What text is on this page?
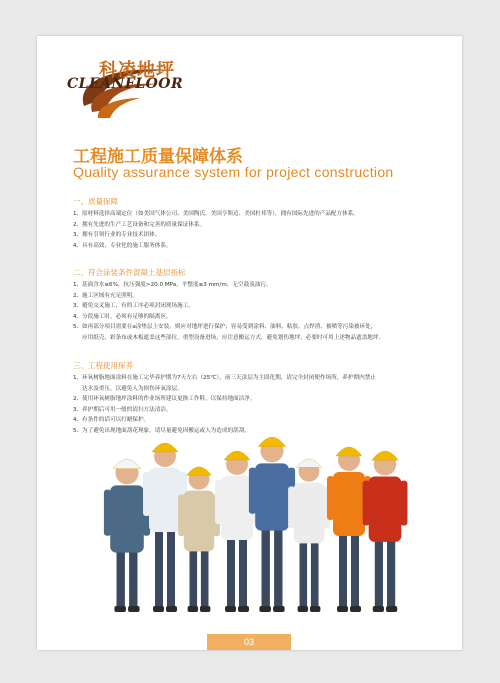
科凌地坪
CLEANFLOOR
工程施工质量保障体系
Quality assurance system for project construction
一、质量保障
1、 原材料选择高端定位（如美国气体公司、美国陶氏、美国亨斯迈、美国杜邦等），拥有国际先进的产品配方体系。
2、 拥有先进的生产工艺设备和完善的质量保证体系。
3、 拥有引领行业的专业技术团体。
4、 具有高效、专业化的施工服务体系。
二、符合涂装条件混凝土基层指标
1、 基面含水≤6%，抗压强度>20.0 MPa，平整度≤3 mm/m，无空鼓及油污。
2、 施工区域有充足照明。
3、 避免交叉施工，有的工序必须封闭现场施工。
4、 分段施工时，必须有足够的隔离区。
5、 如再部分项目需要在a涂垫层上安装，则应对地坪进行保护；容易受到涂料、油料、粘胶、点焊渣、被喷等污染被环处，
应用纸壳、彩条布或木板遮盖这些部位，重型设备进场，应注意搬运方式，避免划伤地坪，必要时可用上述物品遮盖地坪。
三、工程使用保养
1、 环氧树脂地面涂料在施工完毕养护期为7天左右（25℃），前三天涂层为主固化期，请完全封闭便作场所，养护期内禁止
达水及重压，以避免人为损伤环氧涂层。
2、 使用环氧树脂地坪涂料的作业场所建议更换工作鞋，以保持地面洁净。
3、 养护期后可用一般的请扫方法清洁。
4、 有条件的话可以打蜡保护。
5、 为了避免出现地面刮花现象，请尽量避免因搬运或人为造成的刮刮。
03
